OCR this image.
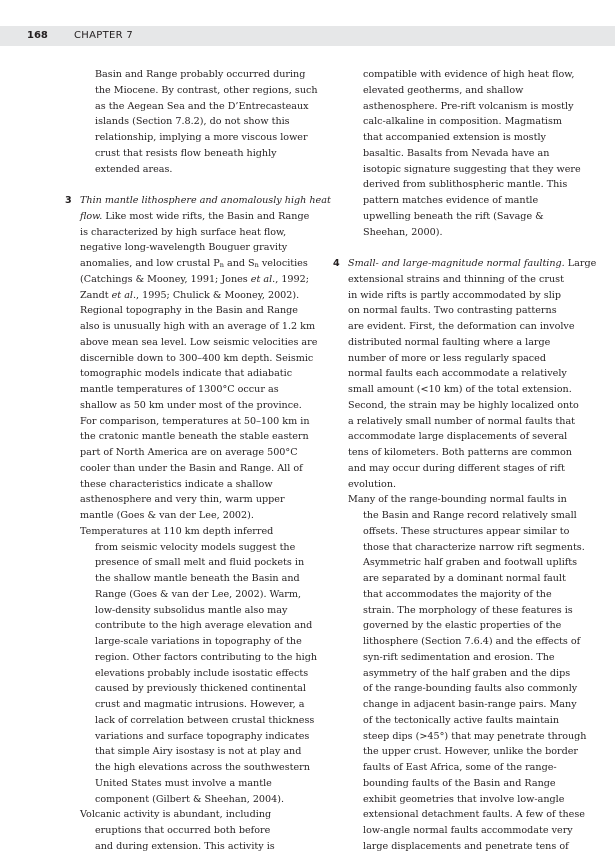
168	CHAPTER 7
Basin and Range probably occurred during
the Miocene. By contrast, other regions, such
as the Aegean Sea and the D’Entrecasteaux
islands (Section 7.8.2), do not show this
relationship, implying a more viscous lower
crust that resists flow beneath highly
extended areas.
3 Thin mantle lithosphere and anomalously high heat
flow. Like most wide rifts, the Basin and Range
is characterized by high surface heat flow,
negative long-wavelength Bouguer gravity
anomalies, and low crustal $P_n$ and $S_n$ velocities
(Catchings & Mooney, 1991; Jones et al., 1992;
Zandt et al., 1995; Chulick & Mooney, 2002).
Regional topography in the Basin and Range
also is unusually high with an average of 1.2 km
above mean sea level. Low seismic velocities are
discernible down to 300–400 km depth. Seismic
tomographic models indicate that adiabatic
mantle temperatures of 1300°C occur as
shallow as 50 km under most of the province.
For comparison, temperatures at 50–100 km in
the cratonic mantle beneath the stable eastern
part of North America are on average 500°C
cooler than under the Basin and Range. All of
these characteristics indicate a shallow
asthenosphere and very thin, warm upper
mantle (Goes & van der Lee, 2002).
Temperatures at 110 km depth inferred
from seismic velocity models suggest the
presence of small melt and fluid pockets in
the shallow mantle beneath the Basin and
Range (Goes & van der Lee, 2002). Warm,
low-density subsolidus mantle also may
contribute to the high average elevation and
large-scale variations in topography of the
region. Other factors contributing to the high
elevations probably include isostatic effects
caused by previously thickened continental
crust and magmatic intrusions. However, a
lack of correlation between crustal thickness
variations and surface topography indicates
that simple Airy isostasy is not at play and
the high elevations across the southwestern
United States must involve a mantle
component (Gilbert & Sheehan, 2004).
Volcanic activity is abundant, including
eruptions that occurred both before
and during extension. This activity is
compatible with evidence of high heat flow,
elevated geotherms, and shallow
asthenosphere. Pre-rift volcanism is mostly
calc-alkaline in composition. Magmatism
that accompanied extension is mostly
basaltic. Basalts from Nevada have an
isotopic signature suggesting that they were
derived from sublithospheric mantle. This
pattern matches evidence of mantle
upwelling beneath the rift (Savage &
Sheehan, 2000).
4 Small- and large-magnitude normal faulting. Large
extensional strains and thinning of the crust
in wide rifts is partly accommodated by slip
on normal faults. Two contrasting patterns
are evident. First, the deformation can involve
distributed normal faulting where a large
number of more or less regularly spaced
normal faults each accommodate a relatively
small amount (<10 km) of the total extension.
Second, the strain may be highly localized onto
a relatively small number of normal faults that
accommodate large displacements of several
tens of kilometers. Both patterns are common
and may occur during different stages of rift
evolution.
Many of the range-bounding normal faults in
the Basin and Range record relatively small
offsets. These structures appear similar to
those that characterize narrow rift segments.
Asymmetric half graben and footwall uplifts
are separated by a dominant normal fault
that accommodates the majority of the
strain. The morphology of these features is
governed by the elastic properties of the
lithosphere (Section 7.6.4) and the effects of
syn-rift sedimentation and erosion. The
asymmetry of the half graben and the dips
of the range-bounding faults also commonly
change in adjacent basin-range pairs. Many
of the tectonically active faults maintain
steep dips (>45°) that may penetrate through
the upper crust. However, unlike the border
faults of East Africa, some of the range-
bounding faults of the Basin and Range
exhibit geometries that involve low-angle
extensional detachment faults. A few of these
low-angle normal faults accommodate very
large displacements and penetrate tens of
